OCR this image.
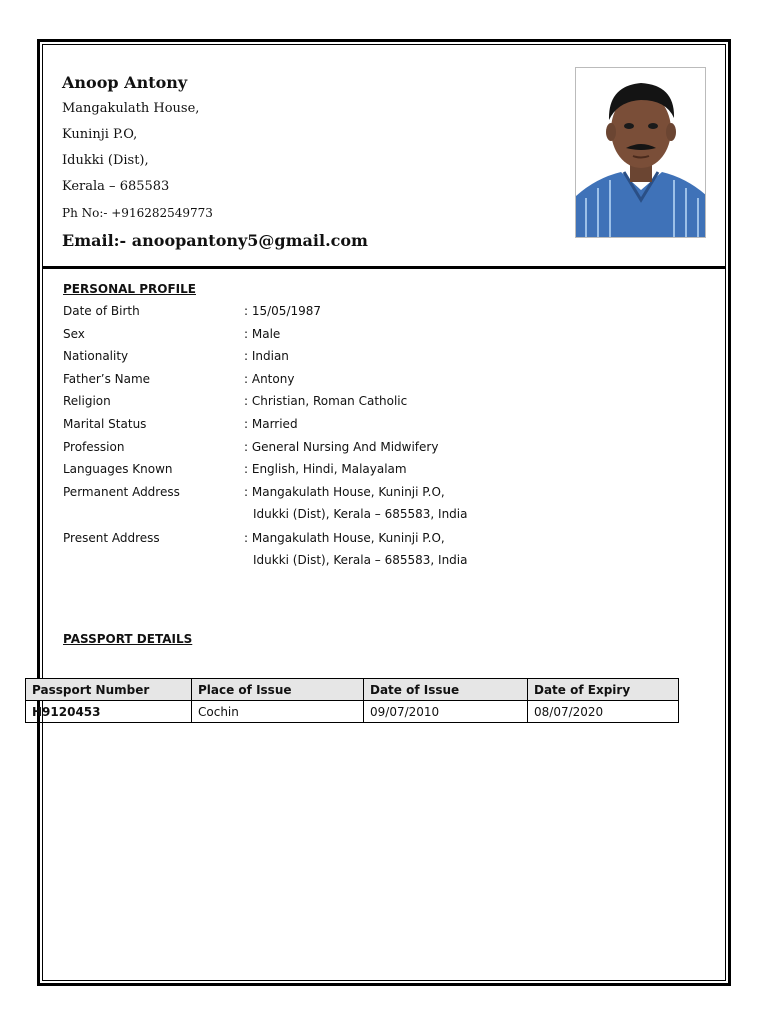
Anoop Antony
Mangakulath House,
Kuninji P.O,
Idukki (Dist),
Kerala – 685583
Ph No:- +916282549773
Email:- anoopantony5@gmail.com
PERSONAL PROFILE
Date of Birth	: 15/05/1987
Sex	: Male
Nationality	: Indian
Father’s Name	: Antony
Religion	: Christian, Roman Catholic
Marital Status	: Married
Profession	: General Nursing And Midwifery
Languages Known	: English, Hindi, Malayalam
Permanent Address	: Mangakulath House, Kuninji P.O,
Idukki (Dist), Kerala – 685583, India
Present Address	: Mangakulath House, Kuninji P.O,
Idukki (Dist), Kerala – 685583, India
PASSPORT DETAILS
Passport Number	Place of Issue	Date of Issue	Date of Expiry
H9120453	Cochin	09/07/2010	08/07/2020
